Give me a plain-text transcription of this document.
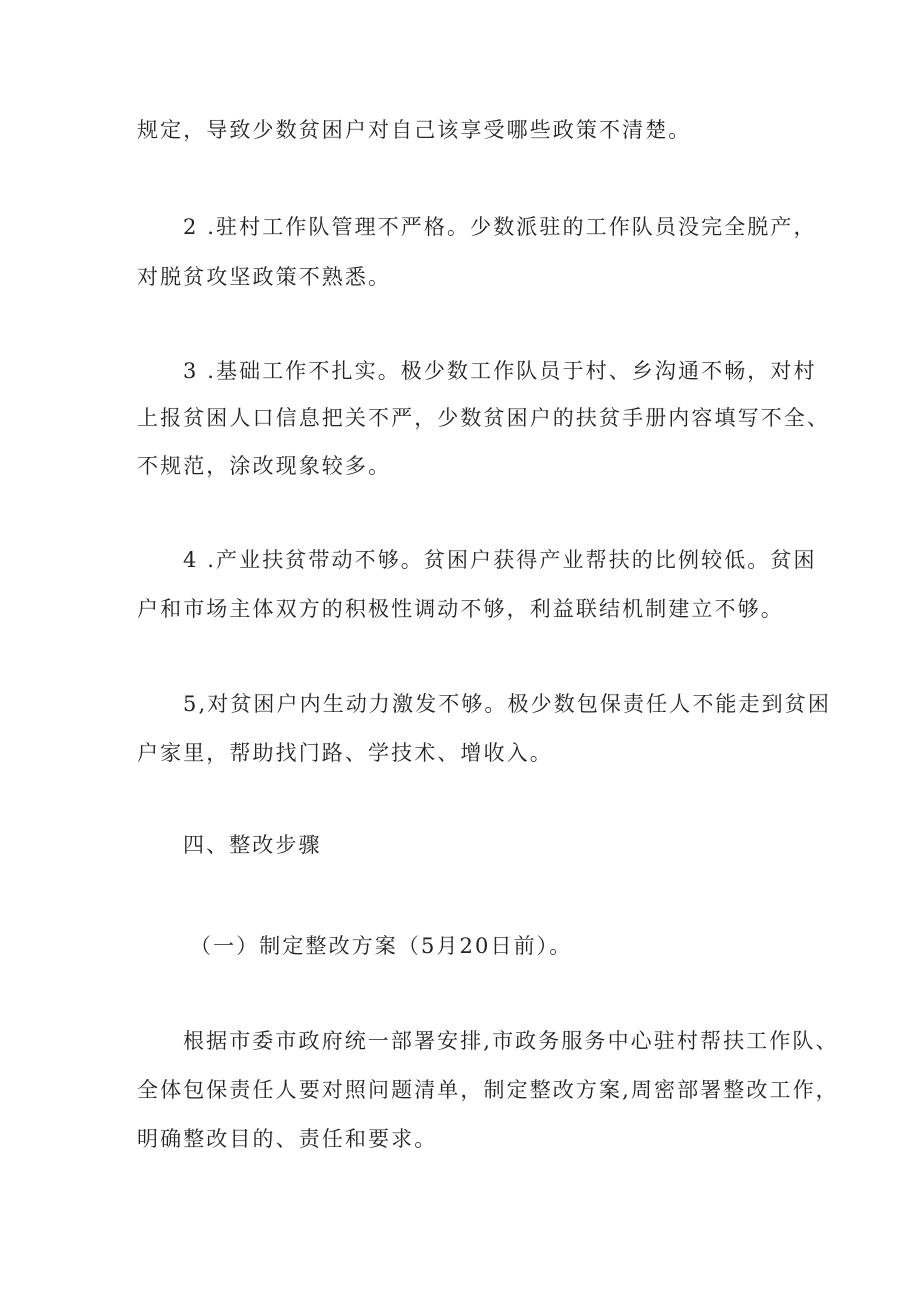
规定，导致少数贫困户对自己该享受哪些政策不清楚。
2 .驻村工作队管理不严格。少数派驻的工作队员没完全脱产，
对脱贫攻坚政策不熟悉。
3 .基础工作不扎实。极少数工作队员于村、乡沟通不畅，对村
上报贫困人口信息把关不严，少数贫困户的扶贫手册内容填写不全、
不规范，涂改现象较多。
4 .产业扶贫带动不够。贫困户获得产业帮扶的比例较低。贫困
户和市场主体双方的积极性调动不够，利益联结机制建立不够。
5,对贫困户内生动力激发不够。极少数包保责任人不能走到贫困
户家里，帮助找门路、学技术、增收入。
四、整改步骤
（一）制定整改方案（5月20日前）。
根据市委市政府统一部署安排,市政务服务中心驻村帮扶工作队、
全体包保责任人要对照问题清单，制定整改方案,周密部署整改工作，
明确整改目的、责任和要求。
